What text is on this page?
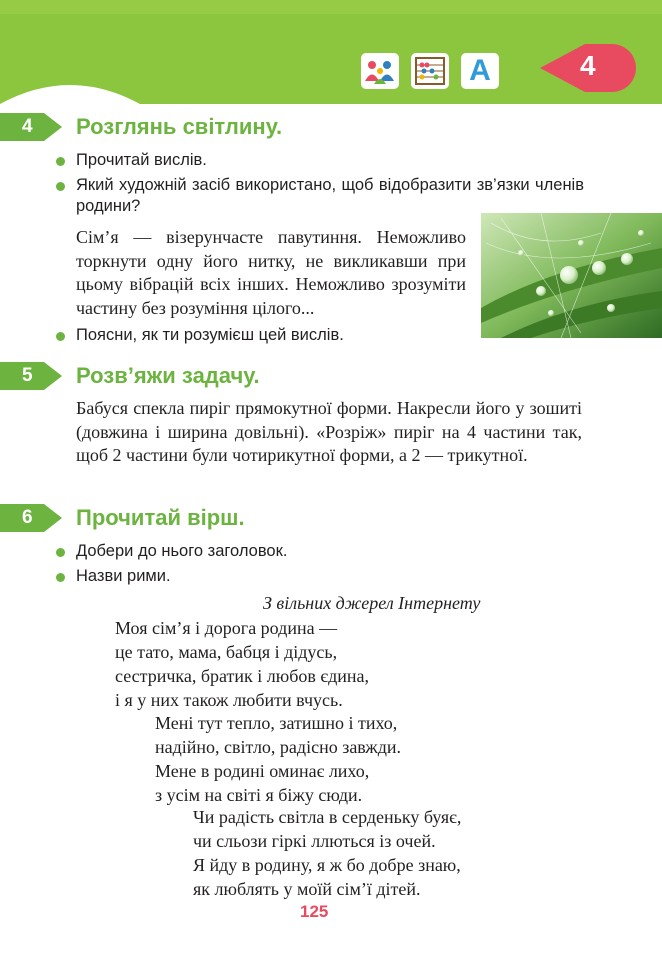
4
A
4 Розглянь світлину.
Прочитай вислів.
Який художній засіб використано, щоб відобразити зв’язки членів родини?
Сім’я — візерунчасте павутиння. Неможливо торкнути одну його нитку, не викликавши при цьому вібрацій всіх інших. Неможливо зрозуміти частину без розуміння цілого...
Поясни, як ти розумієш цей вислів.
5 Розв’яжи задачу.
Бабуся спекла пиріг прямокутної форми. Накресли його у зошиті (довжина і ширина довільні). «Розріж» пиріг на 4 частини так, щоб 2 частини були чотирикутної форми, а 2 — трикутної.
6 Прочитай вірш.
Добери до нього заголовок.
Назви рими.
З вільних джерел Інтернету
Моя сім’я і дорога родина —
це тато, мама, бабця і дідусь,
сестричка, братик і любов єдина,
і я у них також любити вчусь.
Мені тут тепло, затишно і тихо,
надійно, світло, радісно завжди.
Мене в родині оминає лихо,
з усім на світі я біжу сюди.
Чи радість світла в серденьку буяє,
чи сльози гіркі ллються із очей.
Я йду в родину, я ж бо добре знаю,
як люблять у моїй сім’ї дітей.
125
